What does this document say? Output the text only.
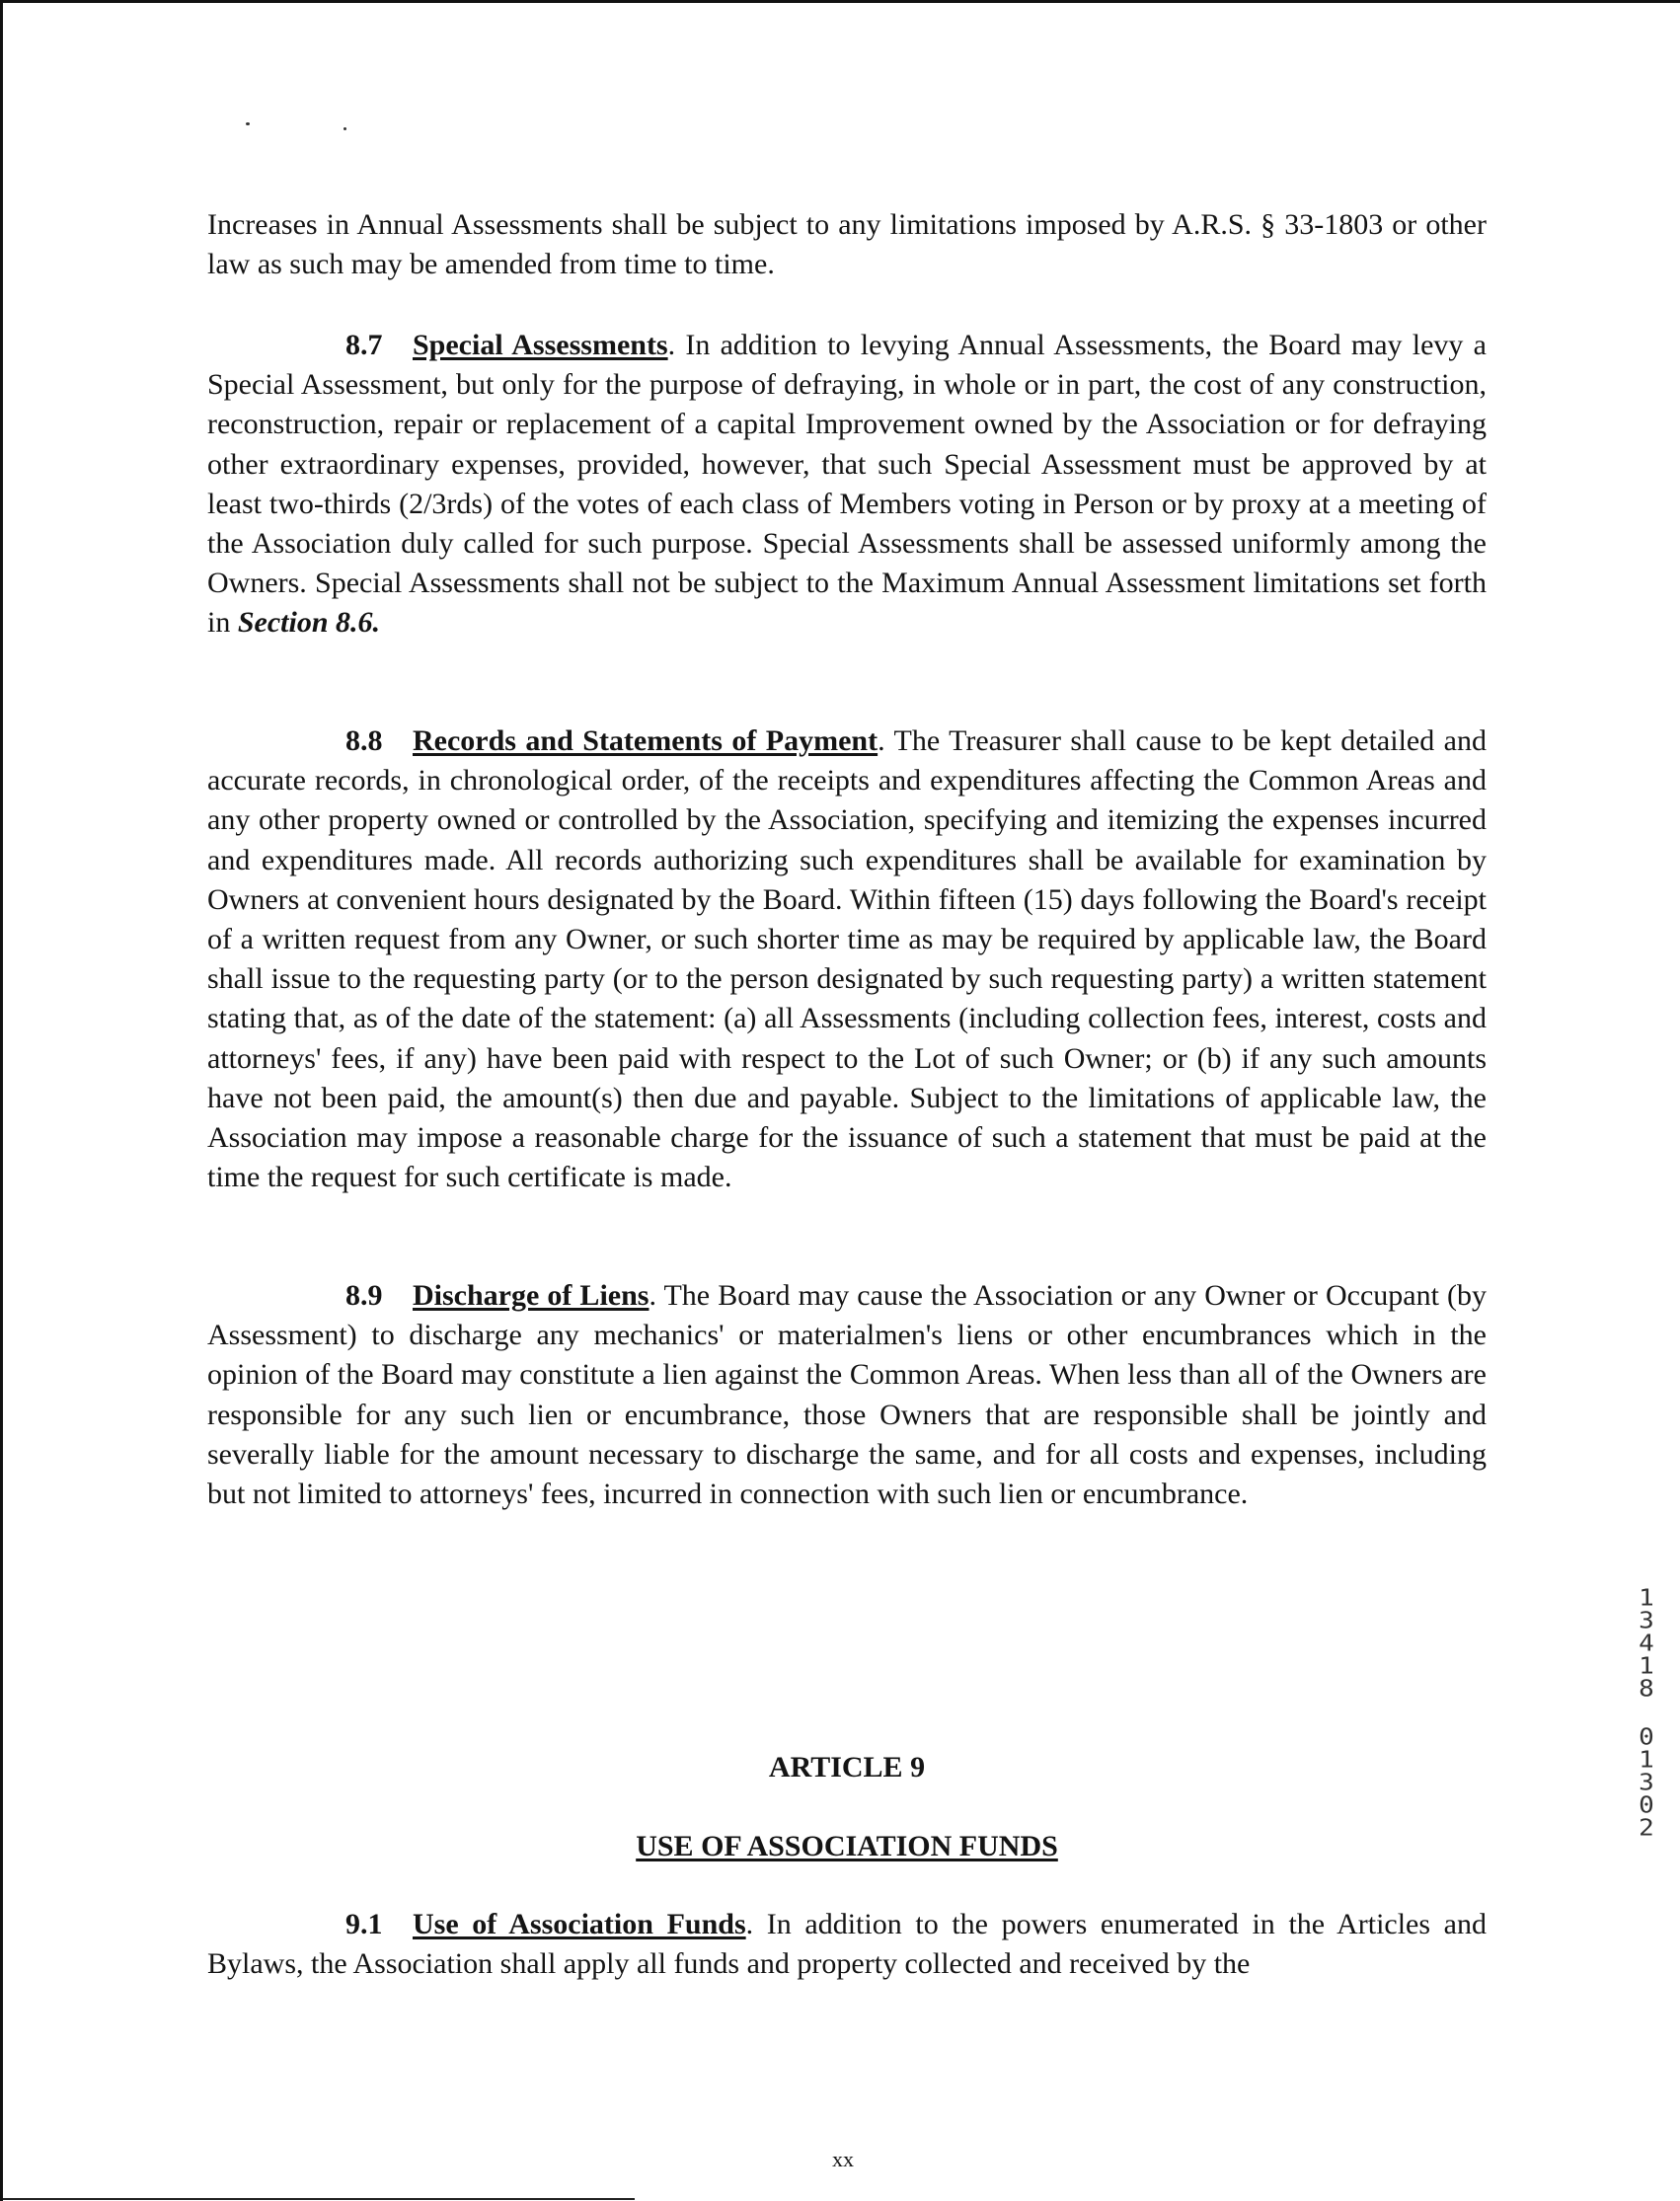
Increases in Annual Assessments shall be subject to any limitations imposed by A.R.S. § 33-1803 or other law as such may be amended from time to time.

8.7 Special Assessments. In addition to levying Annual Assessments, the Board may levy a Special Assessment, but only for the purpose of defraying, in whole or in part, the cost of any construction, reconstruction, repair or replacement of a capital Improvement owned by the Association or for defraying other extraordinary expenses, provided, however, that such Special Assessment must be approved by at least two-thirds (2/3rds) of the votes of each class of Members voting in Person or by proxy at a meeting of the Association duly called for such purpose. Special Assessments shall be assessed uniformly among the Owners. Special Assessments shall not be subject to the Maximum Annual Assessment limitations set forth in Section 8.6.

8.8 Records and Statements of Payment. The Treasurer shall cause to be kept detailed and accurate records, in chronological order, of the receipts and expenditures affecting the Common Areas and any other property owned or controlled by the Association, specifying and itemizing the expenses incurred and expenditures made. All records authorizing such expenditures shall be available for examination by Owners at convenient hours designated by the Board. Within fifteen (15) days following the Board's receipt of a written request from any Owner, or such shorter time as may be required by applicable law, the Board shall issue to the requesting party (or to the person designated by such requesting party) a written statement stating that, as of the date of the statement: (a) all Assessments (including collection fees, interest, costs and attorneys' fees, if any) have been paid with respect to the Lot of such Owner; or (b) if any such amounts have not been paid, the amount(s) then due and payable. Subject to the limitations of applicable law, the Association may impose a reasonable charge for the issuance of such a statement that must be paid at the time the request for such certificate is made.

8.9 Discharge of Liens. The Board may cause the Association or any Owner or Occupant (by Assessment) to discharge any mechanics' or materialmen's liens or other encumbrances which in the opinion of the Board may constitute a lien against the Common Areas. When less than all of the Owners are responsible for any such lien or encumbrance, those Owners that are responsible shall be jointly and severally liable for the amount necessary to discharge the same, and for all costs and expenses, including but not limited to attorneys' fees, incurred in connection with such lien or encumbrance.

ARTICLE 9
USE OF ASSOCIATION FUNDS

9.1 Use of Association Funds. In addition to the powers enumerated in the Articles and Bylaws, the Association shall apply all funds and property collected and received by the

1
3
4
1
8
0
1
3
0
2
xx
